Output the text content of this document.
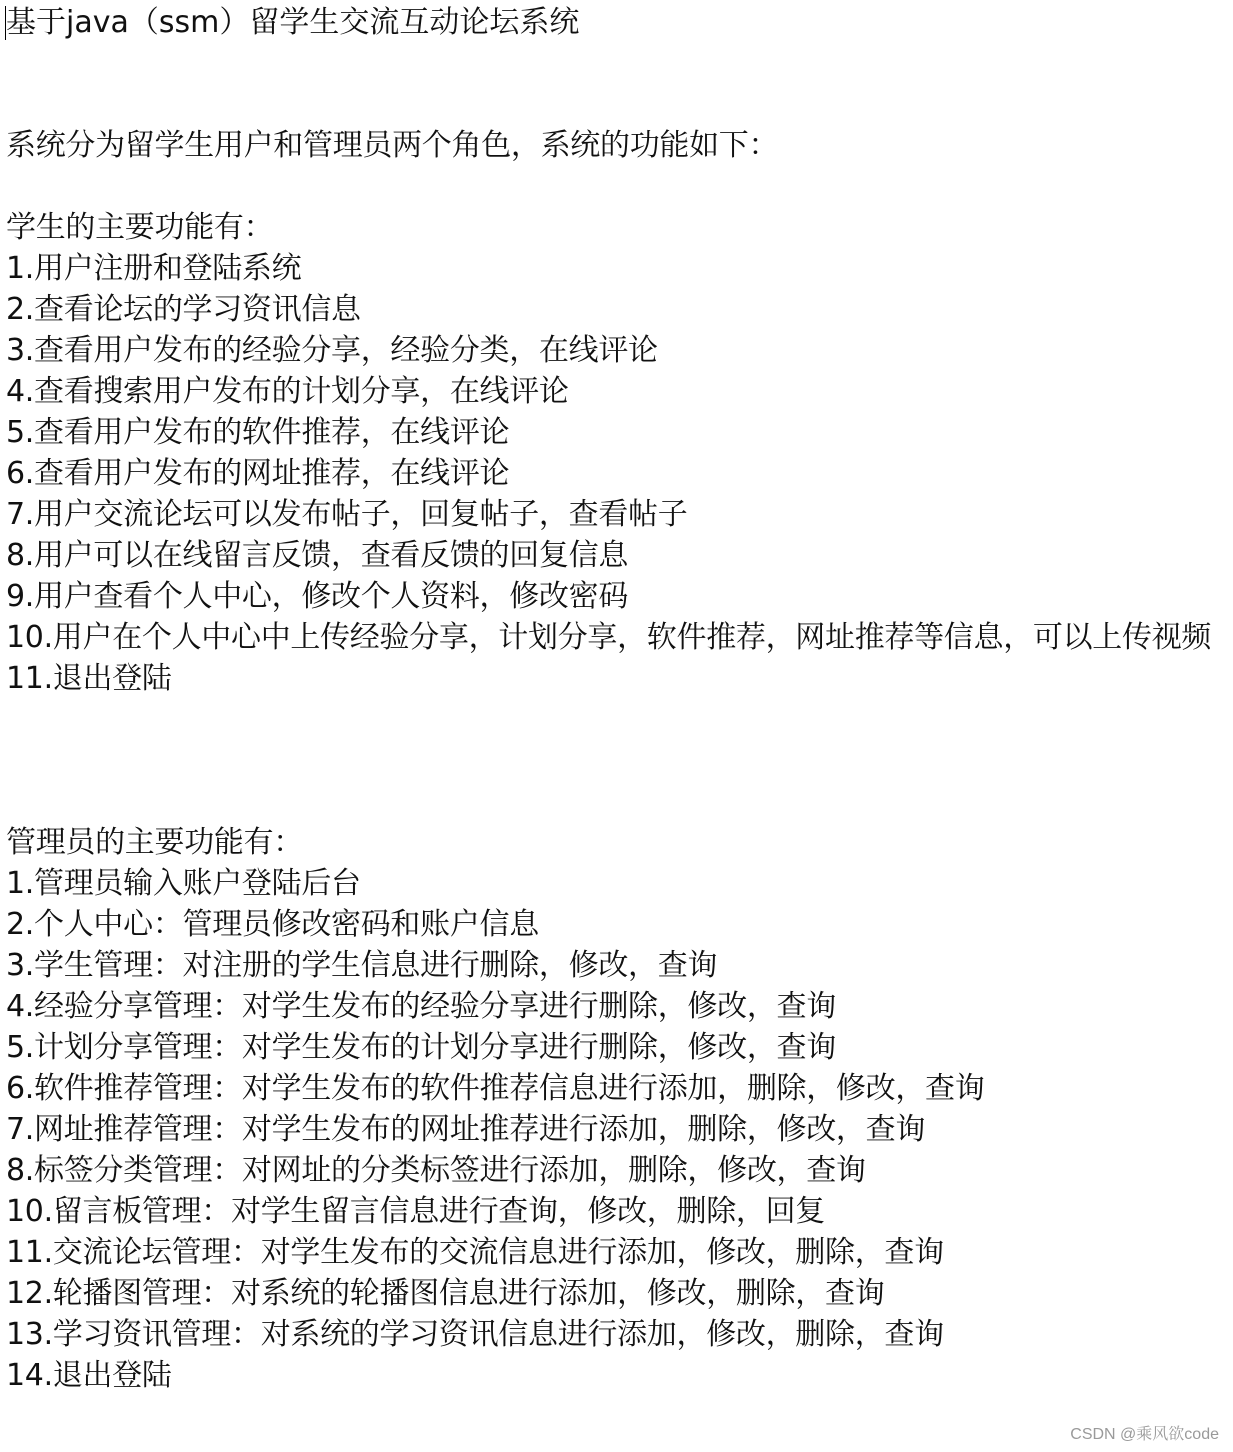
基于java（ssm）留学生交流互动论坛系统
系统分为留学生用户和管理员两个角色，系统的功能如下：
学生的主要功能有：
1.用户注册和登陆系统
2.查看论坛的学习资讯信息
3.查看用户发布的经验分享，经验分类，在线评论
4.查看搜索用户发布的计划分享，在线评论
5.查看用户发布的软件推荐，在线评论
6.查看用户发布的网址推荐，在线评论
7.用户交流论坛可以发布帖子，回复帖子，查看帖子
8.用户可以在线留言反馈，查看反馈的回复信息
9.用户查看个人中心，修改个人资料，修改密码
10.用户在个人中心中上传经验分享，计划分享，软件推荐，网址推荐等信息，可以上传视频
11.退出登陆
管理员的主要功能有：
1.管理员输入账户登陆后台
2.个人中心：管理员修改密码和账户信息
3.学生管理：对注册的学生信息进行删除，修改，查询
4.经验分享管理：对学生发布的经验分享进行删除，修改，查询
5.计划分享管理：对学生发布的计划分享进行删除，修改，查询
6.软件推荐管理：对学生发布的软件推荐信息进行添加，删除，修改，查询
7.网址推荐管理：对学生发布的网址推荐进行添加，删除，修改，查询
8.标签分类管理：对网址的分类标签进行添加，删除，修改，查询
10.留言板管理：对学生留言信息进行查询，修改，删除，回复
11.交流论坛管理：对学生发布的交流信息进行添加，修改，删除，查询
12.轮播图管理：对系统的轮播图信息进行添加，修改，删除，查询
13.学习资讯管理：对系统的学习资讯信息进行添加，修改，删除，查询
14.退出登陆
CSDN @乘风欲code
